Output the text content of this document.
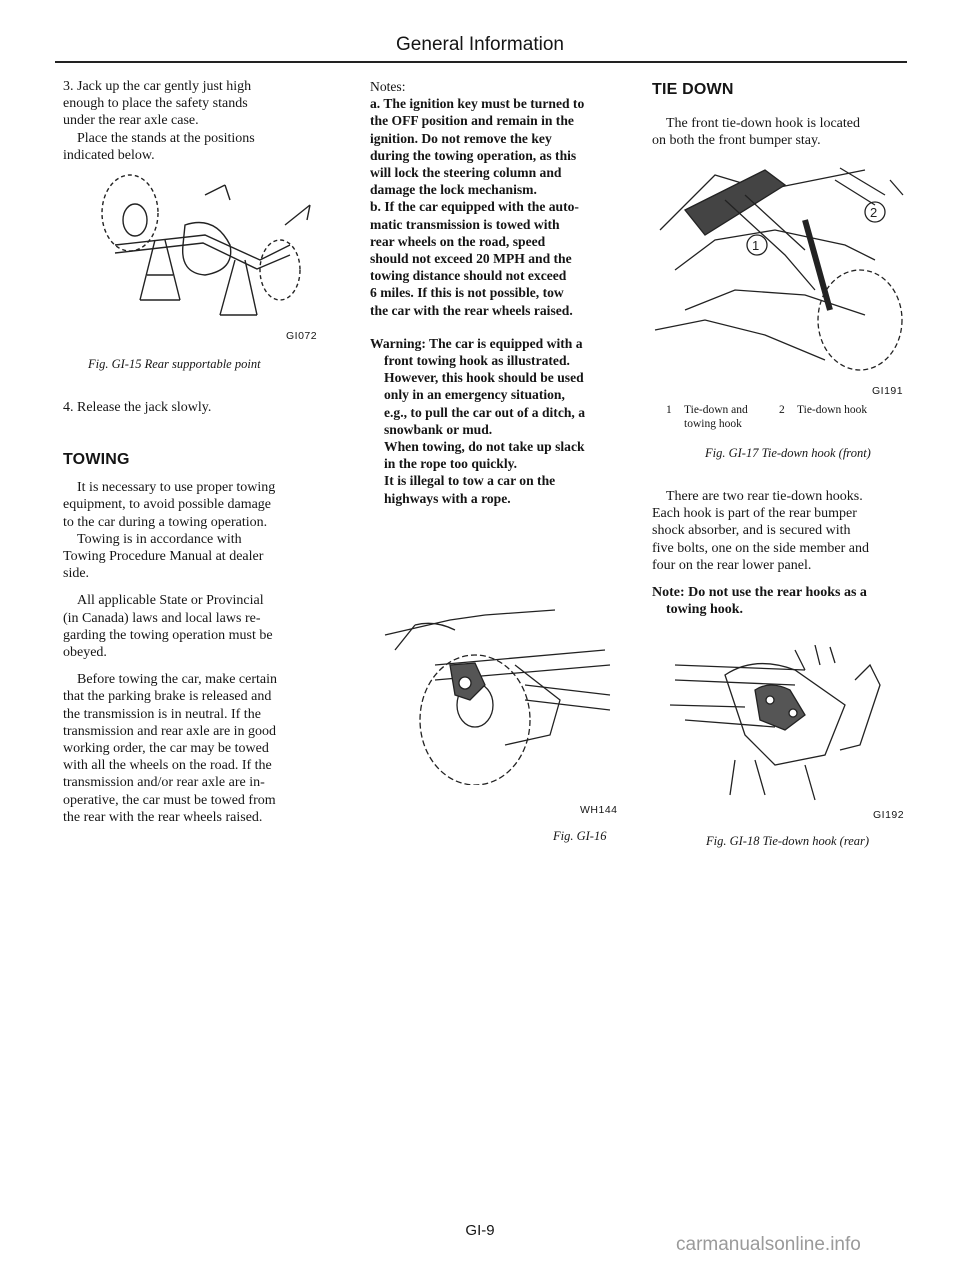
General Information

3. Jack up the car gently just high

enough to place the safety stands

under the rear axle case.

Place the stands at the positions

indicated below.

GI072
Fig. GI-15 Rear supportable point

4. Release the jack slowly.

TOWING

It is necessary to use proper towing

equipment, to avoid possible damage

to the car during a towing operation.

Towing is in accordance with

Towing Procedure Manual at dealer

side.

All applicable State or Provincial

(in Canada) laws and local laws re-

garding the towing operation must be

obeyed.

Before towing the car, make certain

that the parking brake is released and

the transmission is in neutral. If the

transmission and rear axle are in good

working order, the car may be towed

with all the wheels on the road. If the

transmission and/or rear axle are in-

operative, the car must be towed from

the rear with the rear wheels raised.

Notes:

a. The ignition key must be turned to
the OFF position and remain in the
ignition. Do not remove the key
during the towing operation, as this
will lock the steering column and
damage the lock mechanism.
b. If the car equipped with the auto-
matic transmission is towed with
rear wheels on the road, speed
should not exceed 20 MPH and the
towing distance should not exceed
6 miles. If this is not possible, tow
the car with the rear wheels raised.
Warning: The car is equipped with a
front towing hook as illustrated.
However, this hook should be used
only in an emergency situation,
e.g., to pull the car out of a ditch, a
snowbank or mud.
When towing, do not take up slack
in the rope too quickly.
It is illegal to tow a car on the
highways with a rope.
WH144
Fig. GI-16
TIE DOWN

The front tie-down hook is located

on both the front bumper stay.

1
2
GI191
1 Tie-down and
towing hook
2 Tie-down hook
Fig. GI-17 Tie-down hook (front)

There are two rear tie-down hooks.

Each hook is part of the rear bumper

shock absorber, and is secured with

five bolts, one on the side member and

four on the rear lower panel.

Note: Do not use the rear hooks as a
towing hook.
GI192
Fig. GI-18 Tie-down hook (rear)
GI-9
carmanualsonline.info
